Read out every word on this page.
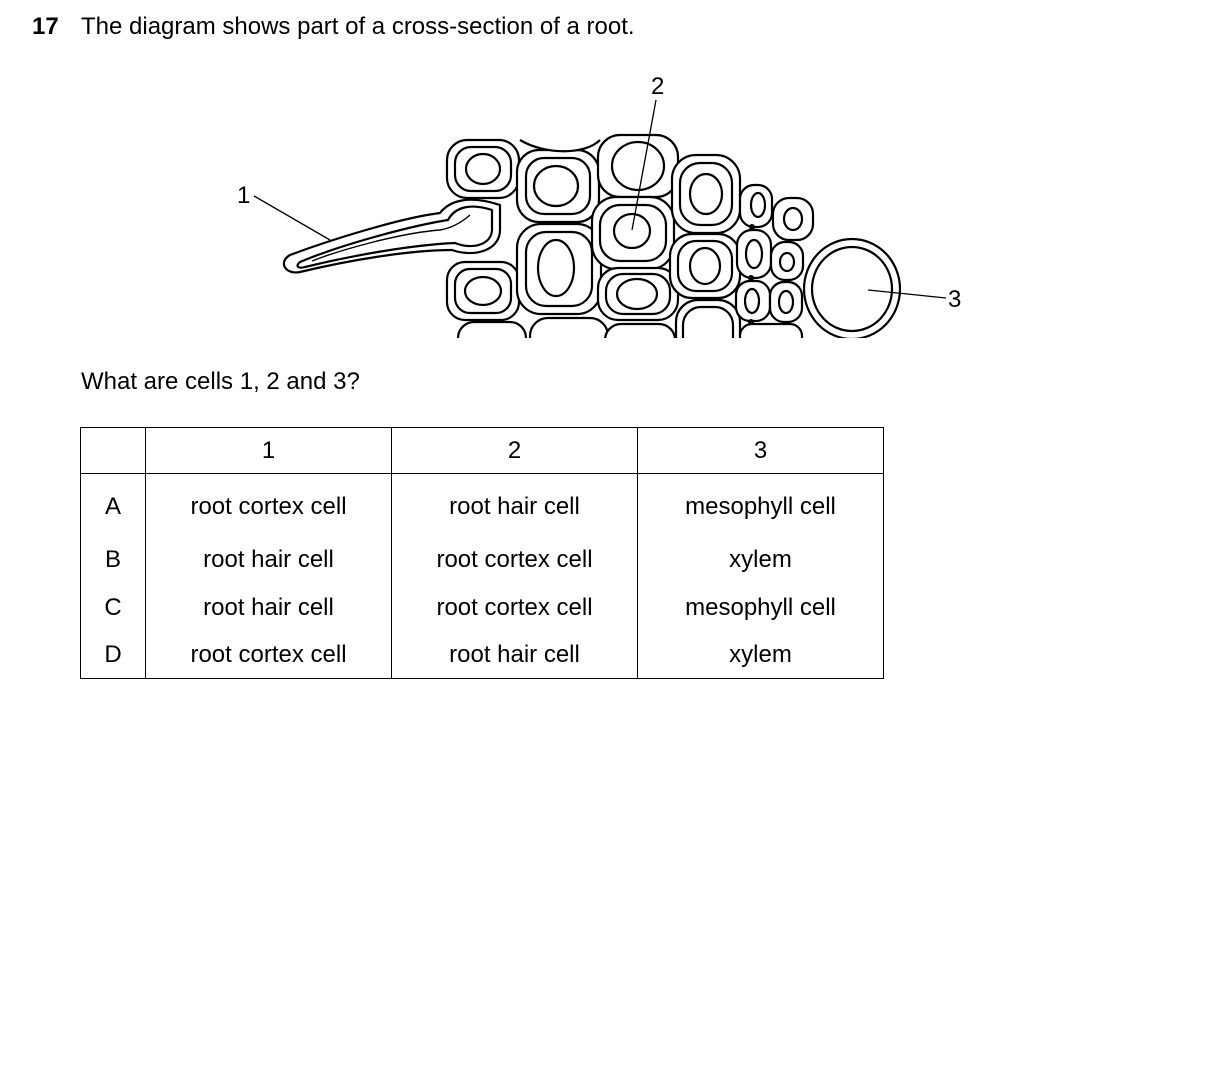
17 The diagram shows part of a cross-section of a root.
1
2
3
What are cells 1, 2 and 3?
	1	2	3
A	root cortex cell	root hair cell	mesophyll cell
B	root hair cell	root cortex cell	xylem
C	root hair cell	root cortex cell	mesophyll cell
D	root cortex cell	root hair cell	xylem
